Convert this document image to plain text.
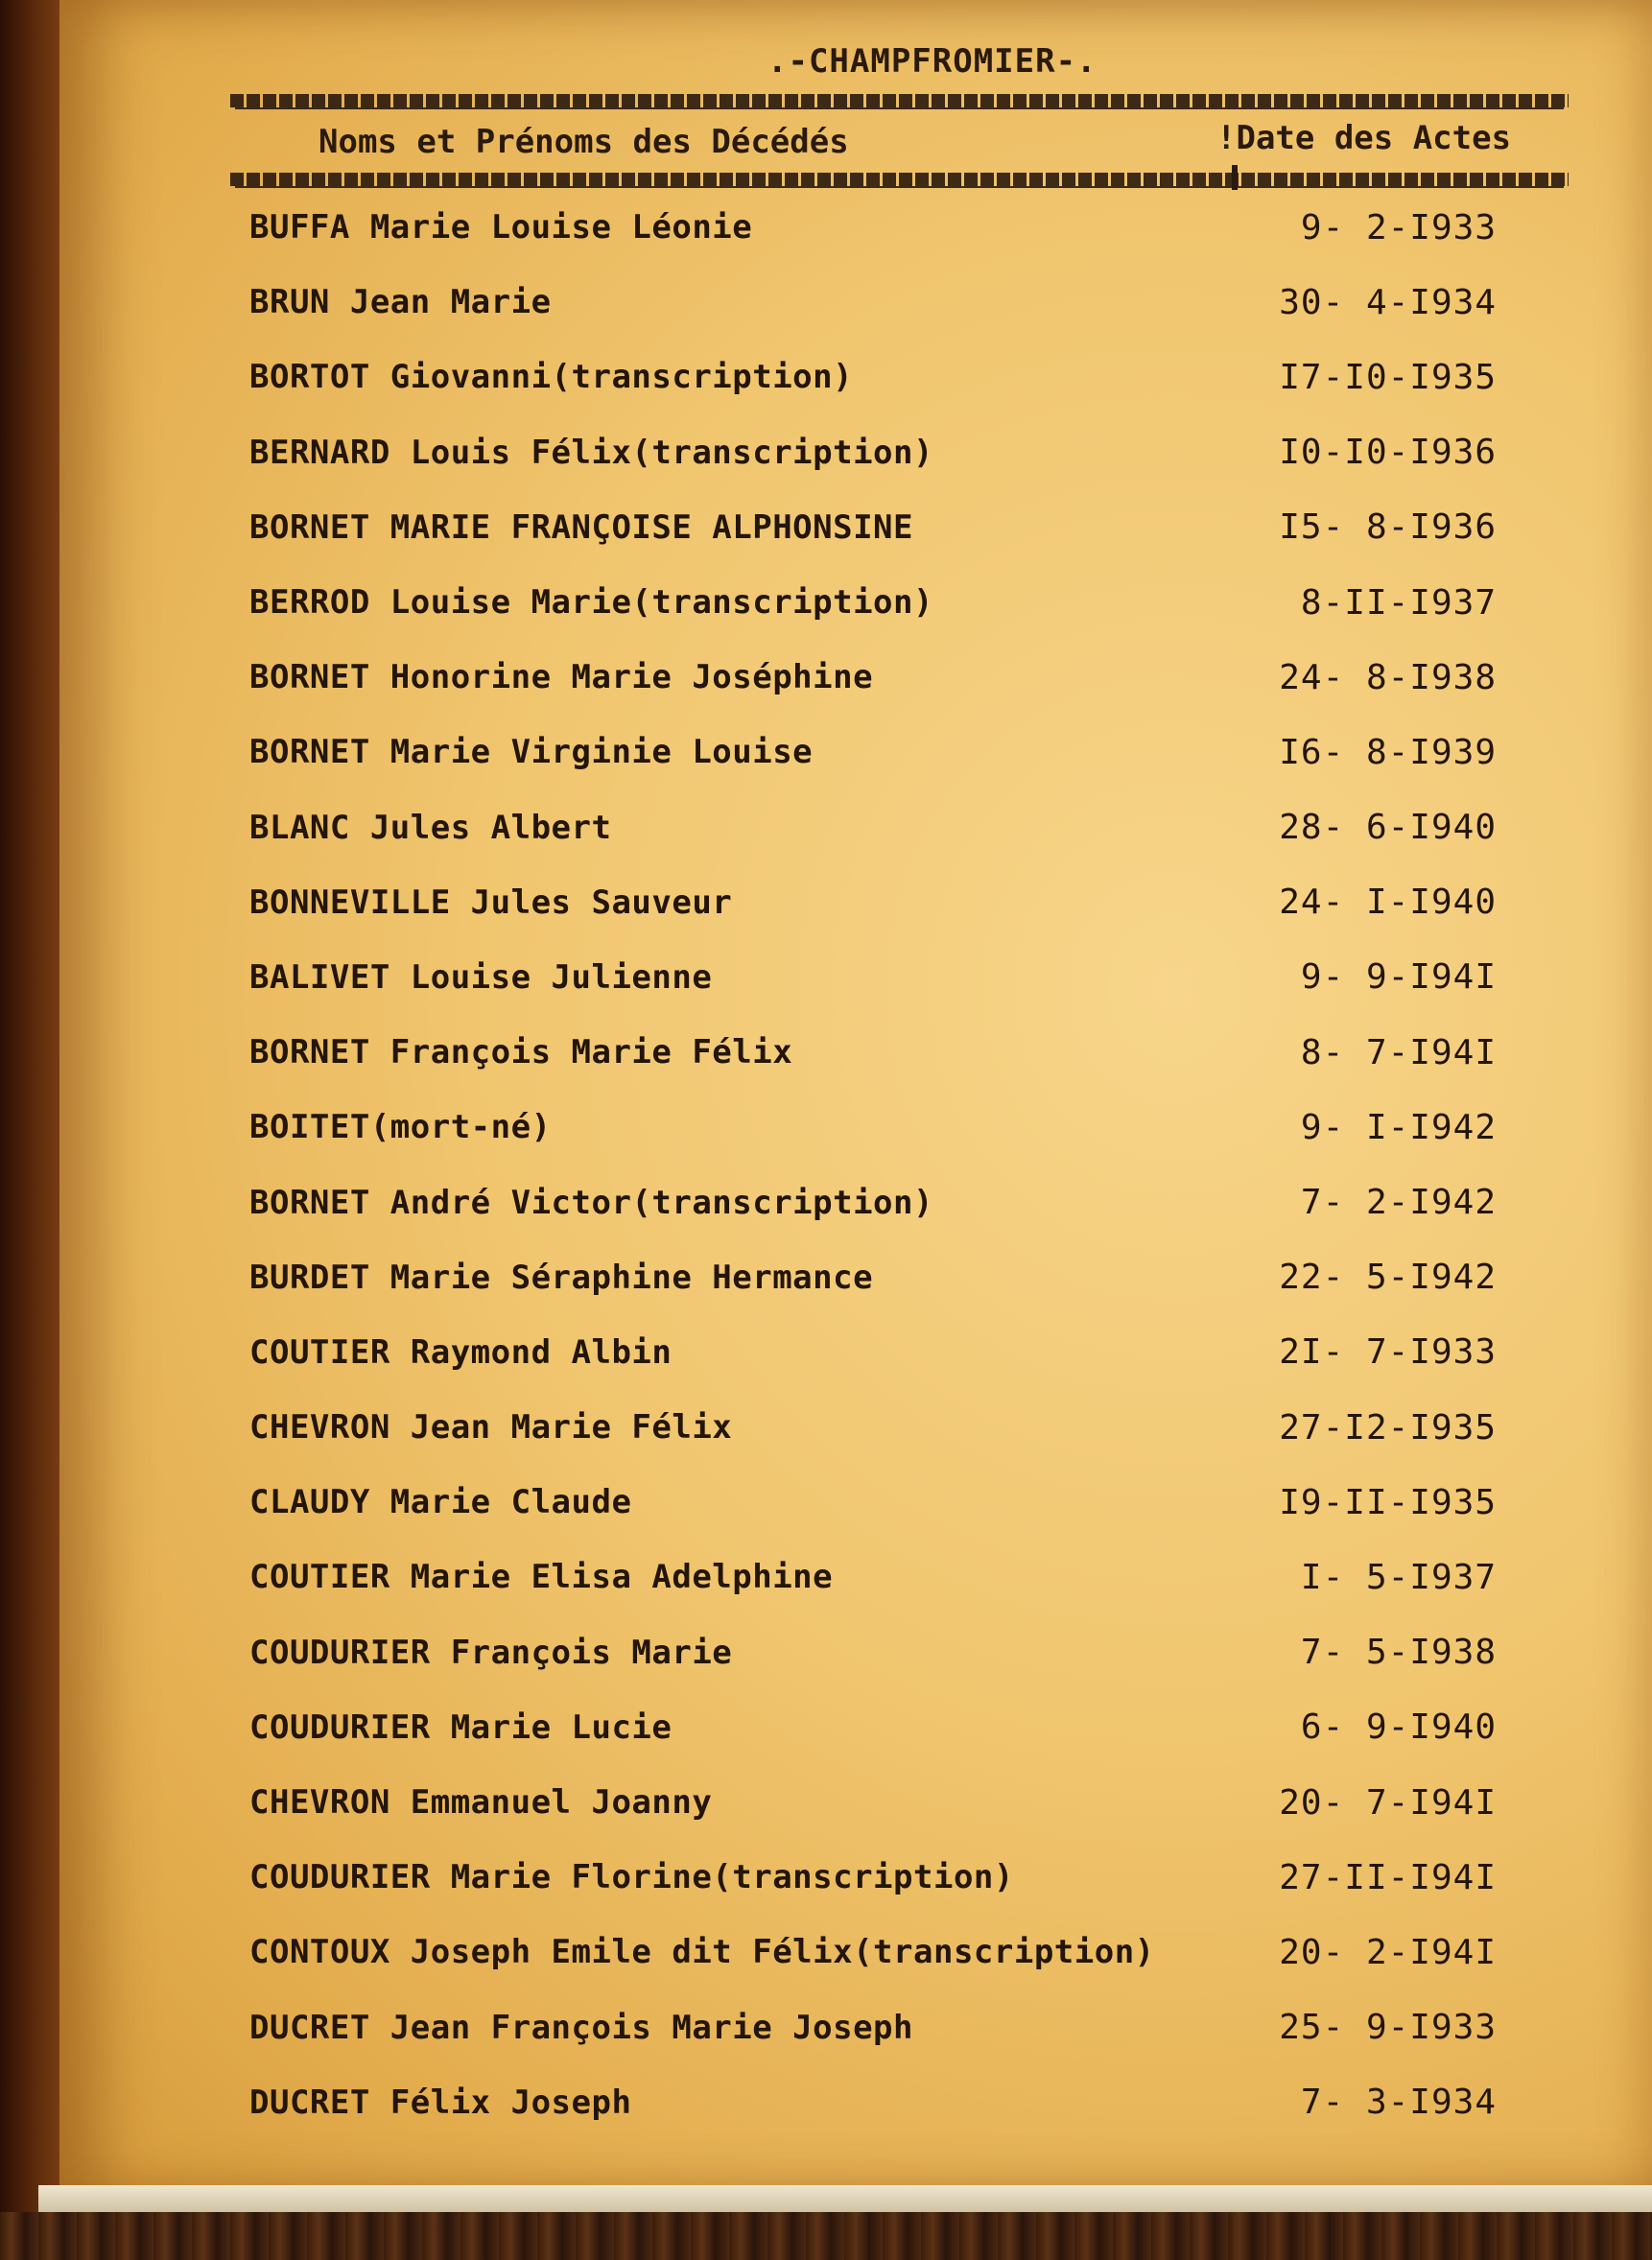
.-CHAMPFROMIER-.
Noms et Prénoms des Décédés	!Date des Actes
BUFFA Marie Louise Léonie	9- 2-I933
BRUN Jean Marie	30- 4-I934
BORTOT Giovanni(transcription)	I7-I0-I935
BERNARD Louis Félix(transcription)	I0-I0-I936
BORNET MARIE FRANÇOISE ALPHONSINE	I5- 8-I936
BERROD Louise Marie(transcription)	8-II-I937
BORNET Honorine Marie Joséphine	24- 8-I938
BORNET Marie Virginie Louise	I6- 8-I939
BLANC Jules Albert	28- 6-I940
BONNEVILLE Jules Sauveur	24- I-I940
BALIVET Louise Julienne	9- 9-I94I
BORNET François Marie Félix	8- 7-I94I
BOITET(mort-né)	9- I-I942
BORNET André Victor(transcription)	7- 2-I942
BURDET Marie Séraphine Hermance	22- 5-I942
COUTIER Raymond Albin	2I- 7-I933
CHEVRON Jean Marie Félix	27-I2-I935
CLAUDY Marie Claude	I9-II-I935
COUTIER Marie Elisa Adelphine	I- 5-I937
COUDURIER François Marie	7- 5-I938
COUDURIER Marie Lucie	6- 9-I940
CHEVRON Emmanuel Joanny	20- 7-I94I
COUDURIER Marie Florine(transcription)	27-II-I94I
CONTOUX Joseph Emile dit Félix(transcription)	20- 2-I94I
DUCRET Jean François Marie Joseph	25- 9-I933
DUCRET Félix Joseph	7- 3-I934
